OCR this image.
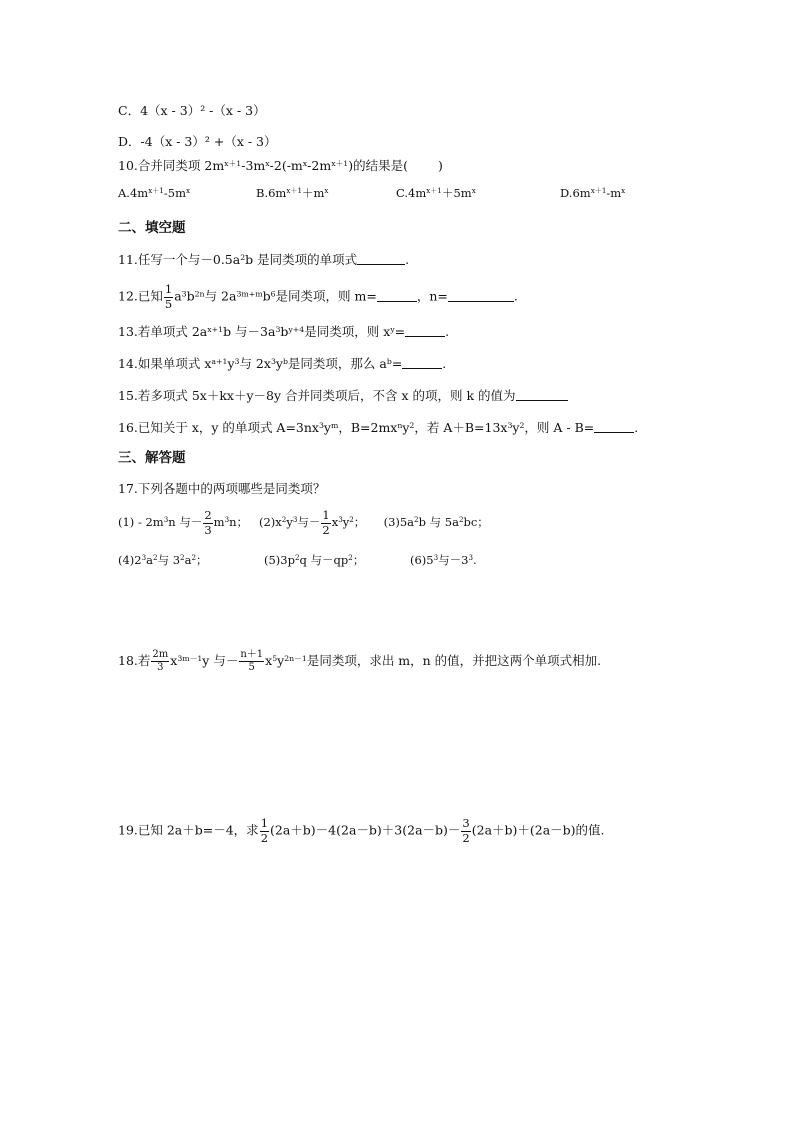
C．4（x - 3）² -（x - 3）
D．-4（x - 3）² +（x - 3）
10.合并同类项 $2m^{x+1}-3m^x-2(-m^x-2m^{x+1})$的结果是( )
$A.4m^{x+1}-5m^x$	$B.6m^{x+1}+m^x$	$C.4m^{x+1}+5m^x$	$D.6m^{x+1}-m^x$
二、填空题
11.任写一个与$-0.5a^2b$ 是同类项的单项式	.
12.已知 $\frac{1}{5} a^3b^{2n}$与 $2a^{3m+m}b^6$是同类项，则 m=	，n=	.
13.若单项式 $2a^{x+1}b$ 与$-3a^3b^{y+4}$是同类项，则 $x^y=$	.
14.如果单项式 $x^{a+1}y^3$与 $2x^3y^b$是同类项，那么 $a^b=$	.
15.若多项式 5x＋kx＋y－8y 合并同类项后，不含 x 的项，则 k 的值为
16.已知关于 x，y 的单项式 $A=3nx^3y^m$，$B=2mx^ny^2$，若 $A+B=13x^3y^2$，则 A - B=	.
三、解答题
17.下列各题中的两项哪些是同类项？
$(1) - 2m^3n$ 与－ $\frac{2}{3} m^3n$； $(2)x^2y^3$与－ $\frac{1}{2} x^3y^2$； $(3)5a^2b$ 与 $5a^2bc$；
$(4)2^3a^2$与 $3^2a^2$；	$(5)3p^2q$ 与$-qp^2$；	$(6)5^3$与$-3^3$.
18.若 $\frac{2m}{3} x^{3m-1}y$ 与－ $\frac{n+1}{5} x^5y^{2n-1}$是同类项，求出 m，n 的值，并把这两个单项式相加.
19.已知 2a＋b=－4，求 $\frac{1}{2} (2a+b)-4(2a-b)+3(2a-b)- \frac{3}{2} (2a+b)+(2a-b)$的值.
